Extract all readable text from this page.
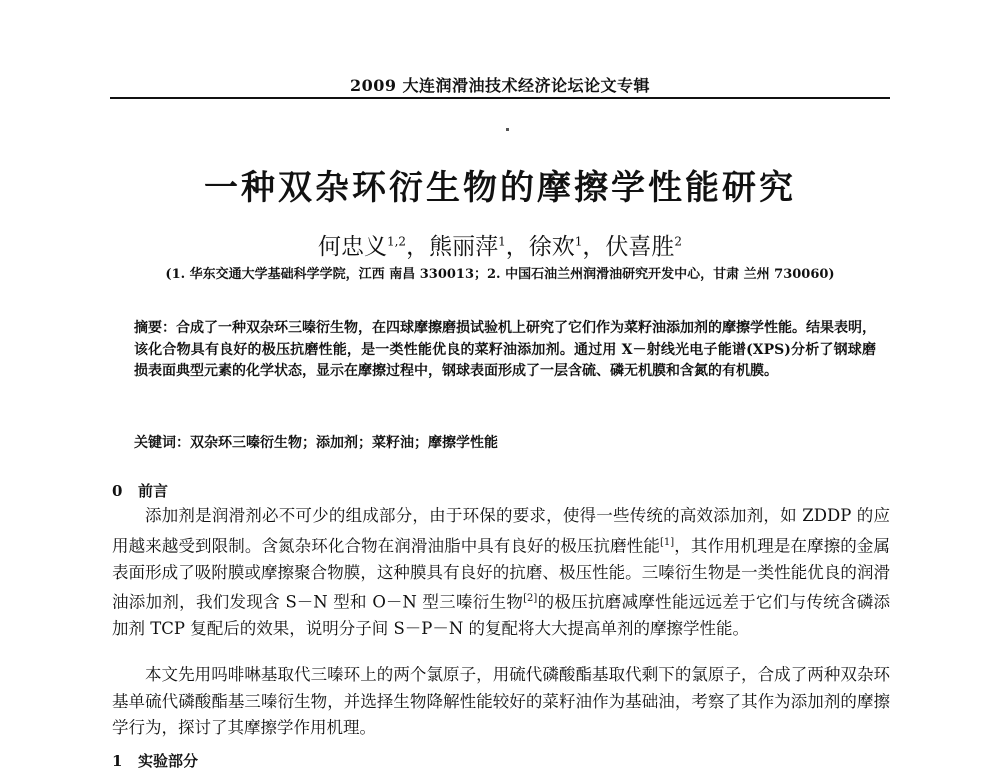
2009 大连润滑油技术经济论坛论文专辑
一种双杂环衍生物的摩擦学性能研究
何忠义$^{1,2}$，熊丽萍$^1$，徐欢$^1$，伏喜胜$^2$
(1. 华东交通大学基础科学学院，江西 南昌 330013；2. 中国石油兰州润滑油研究开发中心，甘肃 兰州 730060)
摘要：合成了一种双杂环三嗪衍生物，在四球摩擦磨损试验机上研究了它们作为菜籽油添加剂的摩擦学性能。结果表明，该化合物具有良好的极压抗磨性能，是一类性能优良的菜籽油添加剂。通过用 X－射线光电子能谱(XPS)分析了钢球磨损表面典型元素的化学状态，显示在摩擦过程中，钢球表面形成了一层含硫、磷无机膜和含氮的有机膜。
关键词：双杂环三嗪衍生物；添加剂；菜籽油；摩擦学性能
0 前言

添加剂是润滑剂必不可少的组成部分，由于环保的要求，使得一些传统的高效添加剂，如 ZDDP 的应用越来越受到限制。含氮杂环化合物在润滑油脂中具有良好的极压抗磨性能[1]，其作用机理是在摩擦的金属表面形成了吸附膜或摩擦聚合物膜，这种膜具有良好的抗磨、极压性能。三嗪衍生物是一类性能优良的润滑油添加剂，我们发现含 S－N 型和 O－N 型三嗪衍生物[2]的极压抗磨减摩性能远远差于它们与传统含磷添加剂 TCP 复配后的效果，说明分子间 S－P－N 的复配将大大提高单剂的摩擦学性能。

本文先用吗啡啉基取代三嗪环上的两个氯原子，用硫代磷酸酯基取代剩下的氯原子，合成了两种双杂环基单硫代磷酸酯基三嗪衍生物，并选择生物降解性能较好的菜籽油作为基础油，考察了其作为添加剂的摩擦学行为，探讨了其摩擦学作用机理。

1 实验部分
